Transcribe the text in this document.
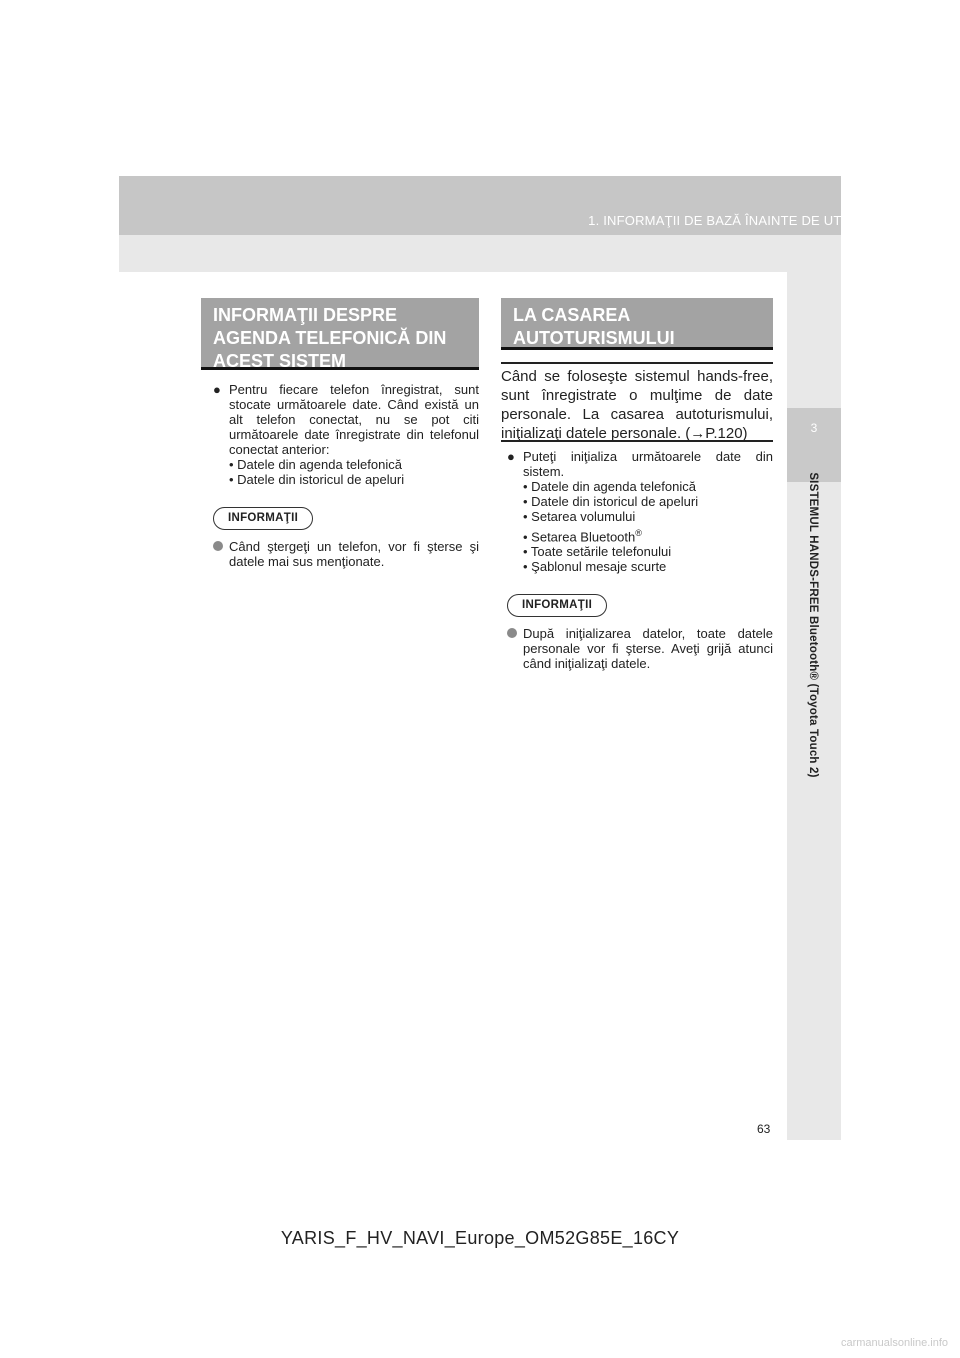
1. INFORMAŢII DE BAZĂ ÎNAINTE DE UTILIZARE
3
SISTEMUL HANDS-FREE Bluetooth® (Toyota Touch 2)
INFORMAŢII DESPRE
AGENDA TELEFONICĂ DIN
ACEST SISTEM
● Pentru fiecare telefon înregistrat, sunt stocate următoarele date. Când există un alt telefon conectat, nu se pot citi următoarele date înregistrate din telefonul conectat anterior:
• Datele din agenda telefonică
• Datele din istoricul de apeluri
INFORMAŢII
Când ştergeţi un telefon, vor fi şterse şi datele mai sus menţionate.
LA CASAREA
AUTOTURISMULUI
Când se foloseşte sistemul hands-free, sunt înregistrate o mulţime de date personale. La casarea autoturismului, iniţializaţi datele personale. (→P.120)
● Puteţi iniţializa următoarele date din sistem.
• Datele din agenda telefonică
• Datele din istoricul de apeluri
• Setarea volumului
• Setarea Bluetooth®
• Toate setările telefonului
• Şablonul mesaje scurte
INFORMAŢII
După iniţializarea datelor, toate datele personale vor fi şterse. Aveţi grijă atunci când iniţializaţi datele.
63
YARIS_F_HV_NAVI_Europe_OM52G85E_16CY
carmanualsonline.info
